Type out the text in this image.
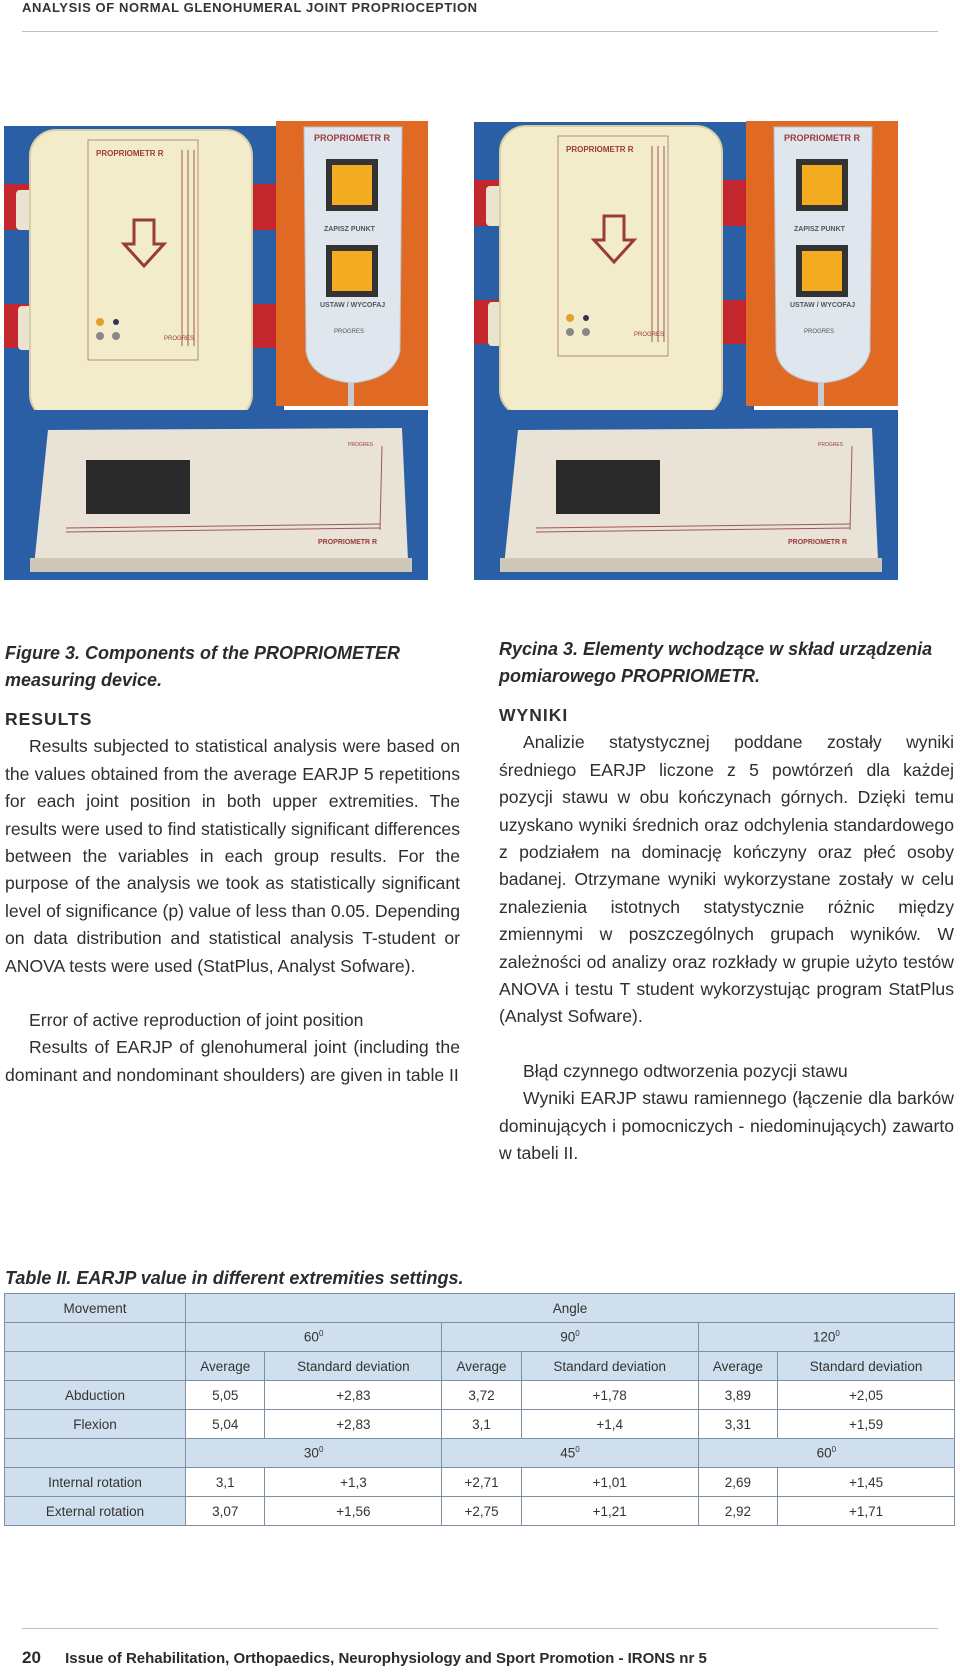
ANALYSIS OF NORMAL GLENOHUMERAL JOINT PROPRIOCEPTION
PROPRIOMETR R
PROGRES
PROPRIOMETR R
ZAPISZ PUNKT
USTAW / WYCOFAJ
PROGRES
PROPRIOMETR R
PROGRES
PROPRIOMETR R
PROGRES
PROPRIOMETR R
ZAPISZ PUNKT
USTAW / WYCOFAJ
PROGRES
PROPRIOMETR R
PROGRES
Figure 3. Components of the PROPRIOMETER measuring device.
RESULTS
Results subjected to statistical analysis were based on the values obtained from the average EARJP 5 repetitions for each joint position in both upper extremities. The results were used to find statistically significant differences between the variables in each group results. For the purpose of the analysis we took as statistically significant level of significance (p) value of less than 0.05. Depending on data distribution and statistical analysis T-student or ANOVA tests were used (StatPlus, Analyst Sofware).
Error of active reproduction of joint position
Results of EARJP of glenohumeral joint (including the dominant and nondominant shoulders) are given in table II
Rycina 3. Elementy wchodzące w skład urządzenia pomiarowego PROPRIOMETR.
WYNIKI
Analizie statystycznej poddane zostały wyniki średniego EARJP liczone z 5 powtórzeń dla każdej pozycji stawu w obu kończynach górnych. Dzięki temu uzyskano wyniki średnich oraz odchylenia standardowego z podziałem na dominację kończyny oraz płeć osoby badanej. Otrzymane wyniki wykorzystane zostały w celu znalezienia istotnych statystycznie różnic między zmiennymi w poszczególnych grupach wyników. W zależności od analizy oraz rozkłady w grupie użyto testów ANOVA i testu T student wykorzystując program StatPlus (Analyst Sofware).
Błąd czynnego odtworzenia pozycji stawu
Wyniki EARJP stawu ramiennego (łączenie dla barków dominujących i pomocniczych - niedominujących) zawarto w tabeli II.
Table II. EARJP value in different extremities settings.
Movement	Angle					
	$60^0$		$90^0$		$120^0$
	Average	Standard deviation	Average	Standard deviation	Average	Standard deviation
Abduction	5,05	+2,83	3,72	+1,78	3,89	+2,05
Flexion	5,04	+2,83	3,1	+1,4	3,31	+1,59
	$30^0$		$45^0$		$60^0$
Internal rotation	3,1	+1,3	+2,71	+1,01	2,69	+1,45
External rotation	3,07	+1,56	+2,75	+1,21	2,92	+1,71
20 Issue of Rehabilitation, Orthopaedics, Neurophysiology and Sport Promotion - IRONS nr 5
